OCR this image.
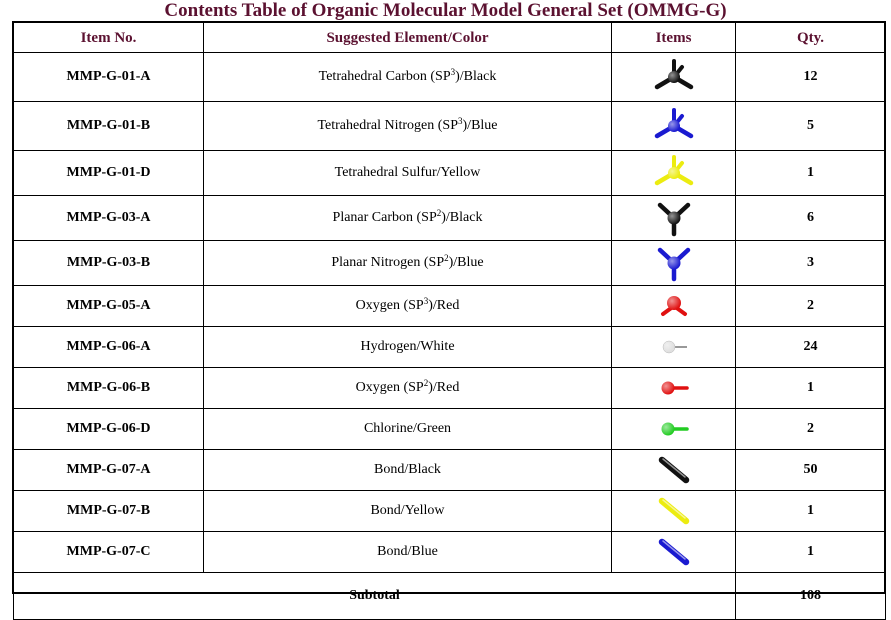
Contents Table of Organic Molecular Model General Set (OMMG-G)
Item No.	Suggested Element/Color	Items	Qty.
MMP-G-01-A	Tetrahedral Carbon $(SP^3)$/Black		12
MMP-G-01-B	Tetrahedral Nitrogen $(SP^3)$/Blue		5
MMP-G-01-D	Tetrahedral Sulfur/Yellow		1
MMP-G-03-A	Planar Carbon $(SP^2)$/Black		6
MMP-G-03-B	Planar Nitrogen $(SP^2)$/Blue		3
MMP-G-05-A	Oxygen $(SP^3)$/Red		2
MMP-G-06-A	Hydrogen/White		24
MMP-G-06-B	Oxygen $(SP^2)$/Red		1
MMP-G-06-D	Chlorine/Green		2
MMP-G-07-A	Bond/Black		50
MMP-G-07-B	Bond/Yellow		1
MMP-G-07-C	Bond/Blue		1
Subtotal			108
